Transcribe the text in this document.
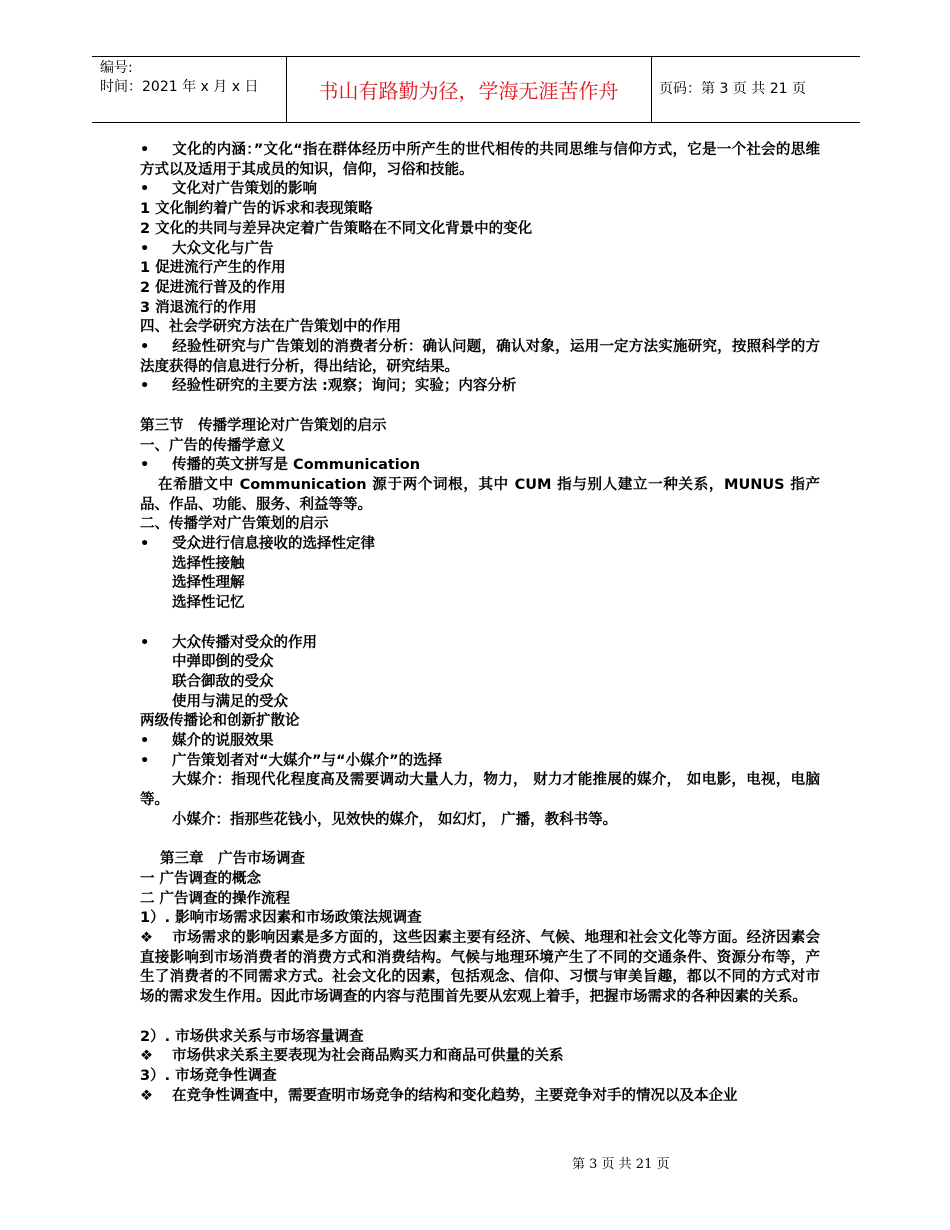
编号:
时间：2021 年 x 月 x 日	书山有路勤为径，学海无涯苦作舟	页码：第 3 页 共 21 页
• 文化的内涵：”文化“指在群体经历中所产生的世代相传的共同思维与信仰方式，它是一个社会的思维方式以及适用于其成员的知识，信仰，习俗和技能。
• 文化对广告策划的影响
1 文化制约着广告的诉求和表现策略
2 文化的共同与差异决定着广告策略在不同文化背景中的变化
• 大众文化与广告
1 促进流行产生的作用
2 促进流行普及的作用
3 消退流行的作用
四、社会学研究方法在广告策划中的作用
• 经验性研究与广告策划的消费者分析：确认问题，确认对象，运用一定方法实施研究，按照科学的方法度获得的信息进行分析，得出结论，研究结果。
• 经验性研究的主要方法 :观察；询问；实验；内容分析
第三节　传播学理论对广告策划的启示
一、广告的传播学意义
• 传播的英文拼写是 Communication
在希腊文中 Communication 源于两个词根，其中 CUM 指与别人建立一种关系，MUNUS 指产品、作品、功能、服务、利益等等。
二、传播学对广告策划的启示
• 受众进行信息接收的选择性定律
选择性接触
选择性理解
选择性记忆
• 大众传播对受众的作用
中弹即倒的受众
联合御敌的受众
使用与满足的受众
两级传播论和创新扩散论
• 媒介的说服效果
• 广告策划者对“大媒介”与“小媒介”的选择
大媒介：指现代化程度高及需要调动大量人力，物力， 财力才能推展的媒介， 如电影，电视，电脑等。
小媒介：指那些花钱小，见效快的媒介， 如幻灯， 广播，教科书等。
第三章　广告市场调查
一 广告调查的概念
二 广告调查的操作流程
1）. 影响市场需求因素和市场政策法规调查
❖ 市场需求的影响因素是多方面的，这些因素主要有经济、气候、地理和社会文化等方面。经济因素会直接影响到市场消费者的消费方式和消费结构。气候与地理环境产生了不同的交通条件、资源分布等，产生了消费者的不同需求方式。社会文化的因素，包括观念、信仰、习惯与审美旨趣，都以不同的方式对市场的需求发生作用。因此市场调查的内容与范围首先要从宏观上着手，把握市场需求的各种因素的关系。
2）. 市场供求关系与市场容量调查
❖ 市场供求关系主要表现为社会商品购买力和商品可供量的关系
3）. 市场竞争性调查
❖ 在竞争性调查中，需要查明市场竞争的结构和变化趋势，主要竞争对手的情况以及本企业
第 3 页 共 21 页
